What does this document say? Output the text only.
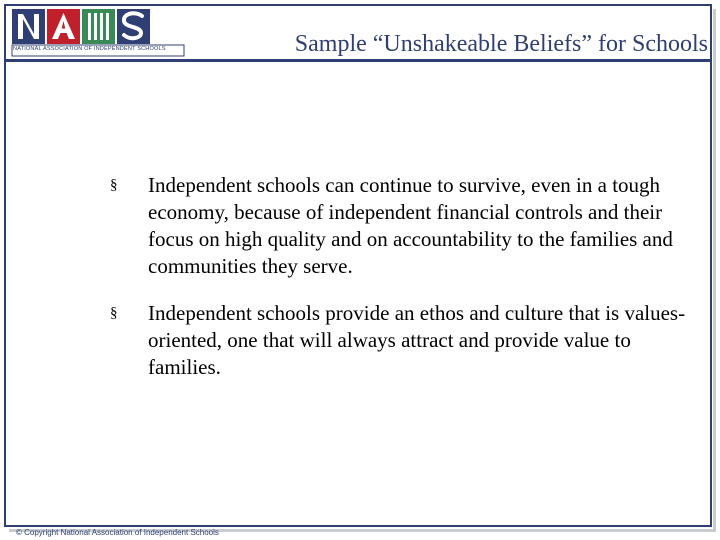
NATIONAL ASSOCIATION OF INDEPENDENT SCHOOLS	Sample “Unshakeable Beliefs” for Schools
§ Independent schools can continue to survive, even in a tough economy, because of independent financial controls and their focus on high quality and on accountability to the families and communities they serve.
§ Independent schools provide an ethos and culture that is values-oriented, one that will always attract and provide value to families.
© Copyright National Association of Independent Schools
